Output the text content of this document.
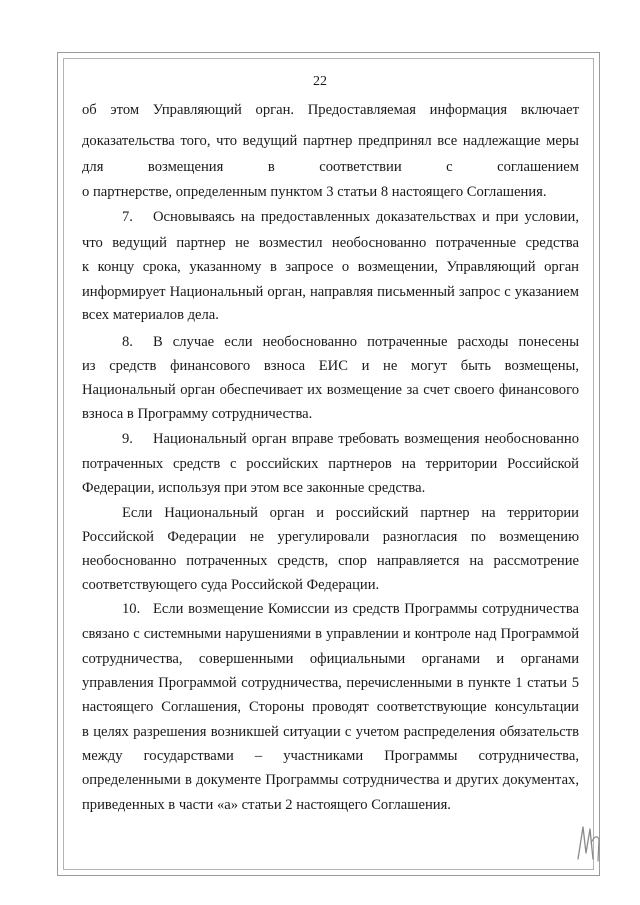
22
об этом Управляющий орган. Предоставляемая информация включает
доказательства того, что ведущий партнер предпринял все надлежащие меры
для возмещения в соответствии с соглашением
о партнерстве, определенным пунктом 3 статьи 8 настоящего Соглашения.
7. Основываясь на предоставленных доказательствах и при условии,
что ведущий партнер не возместил необоснованно потраченные средства
к концу срока, указанному в запросе о возмещении, Управляющий орган
информирует Национальный орган, направляя письменный запрос с указанием
всех материалов дела.
8. В случае если необоснованно потраченные расходы понесены
из средств финансового взноса ЕИС и не могут быть возмещены,
Национальный орган обеспечивает их возмещение за счет своего финансового
взноса в Программу сотрудничества.
9. Национальный орган вправе требовать возмещения необоснованно
потраченных средств с российских партнеров на территории Российской
Федерации, используя при этом все законные средства.
Если Национальный орган и российский партнер на территории
Российской Федерации не урегулировали разногласия по возмещению
необоснованно потраченных средств, спор направляется на рассмотрение
соответствующего суда Российской Федерации.
10. Если возмещение Комиссии из средств Программы сотрудничества
связано с системными нарушениями в управлении и контроле над Программой
сотрудничества, совершенными официальными органами и органами
управления Программой сотрудничества, перечисленными в пункте 1 статьи 5
настоящего Соглашения, Стороны проводят соответствующие консультации
в целях разрешения возникшей ситуации с учетом распределения обязательств
между государствами – участниками Программы сотрудничества,
определенными в документе Программы сотрудничества и других документах,
приведенных в части «а» статьи 2 настоящего Соглашения.
